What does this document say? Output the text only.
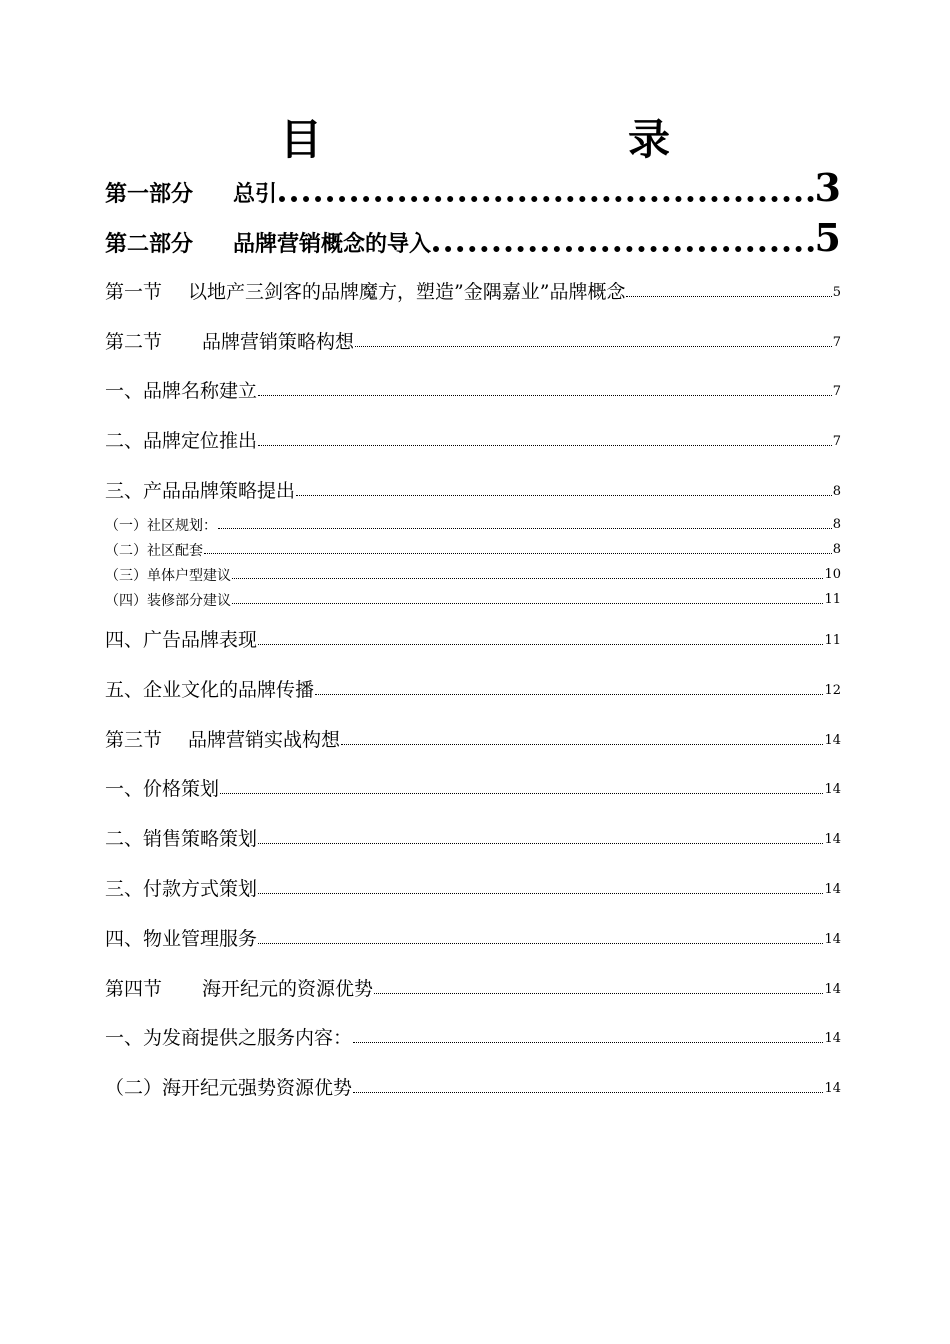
目　　录
第一部分 总引	3
第二部分 品牌营销概念的导入	5
第一节 以地产三剑客的品牌魔方，塑造”金隅嘉业”品牌概念	5
第二节 品牌营销策略构想	7
一、品牌名称建立	7
二、品牌定位推出	7
三、产品品牌策略提出	8
（一）社区规划：	8
（二）社区配套	8
（三）单体户型建议	10
（四）装修部分建议	11
四、广告品牌表现	11
五、企业文化的品牌传播	12
第三节 品牌营销实战构想	14
一、价格策划	14
二、销售策略策划	14
三、付款方式策划	14
四、物业管理服务	14
第四节 海开纪元的资源优势	14
一、为发商提供之服务内容：	14
（二）海开纪元强势资源优势	14
